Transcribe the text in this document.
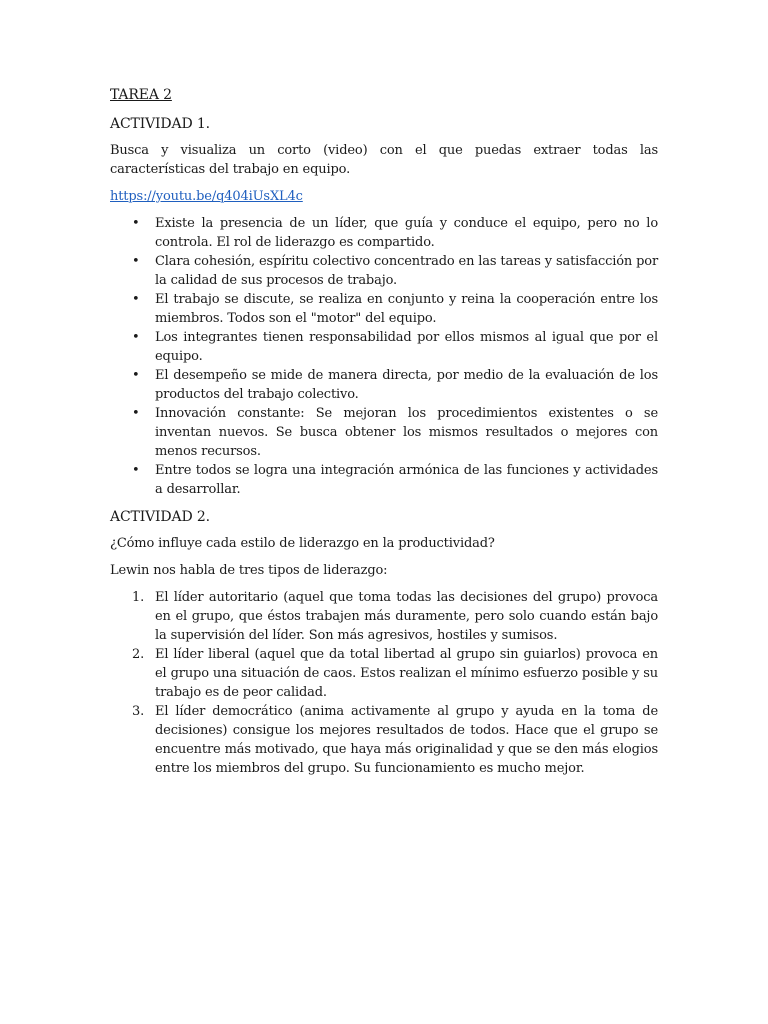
TAREA 2

ACTIVIDAD 1.

Busca y visualiza un corto (video) con el que puedas extraer todas las características del trabajo en equipo.

https://youtu.be/q404iUsXL4c
• Existe la presencia de un líder, que guía y conduce el equipo, pero no lo controla. El rol de liderazgo es compartido.
• Clara cohesión, espíritu colectivo concentrado en las tareas y satisfacción por la calidad de sus procesos de trabajo.
• El trabajo se discute, se realiza en conjunto y reina la cooperación entre los miembros. Todos son el "motor" del equipo.
• Los integrantes tienen responsabilidad por ellos mismos al igual que por el equipo.
• El desempeño se mide de manera directa, por medio de la evaluación de los productos del trabajo colectivo.
• Innovación constante: Se mejoran los procedimientos existentes o se inventan nuevos. Se busca obtener los mismos resultados o mejores con menos recursos.
• Entre todos se logra una integración armónica de las funciones y actividades a desarrollar.

ACTIVIDAD 2.

¿Cómo influye cada estilo de liderazgo en la productividad?

Lewin nos habla de tres tipos de liderazgo:

1. El líder autoritario (aquel que toma todas las decisiones del grupo) provoca en el grupo, que éstos trabajen más duramente, pero solo cuando están bajo la supervisión del líder. Son más agresivos, hostiles y sumisos.
2. El líder liberal (aquel que da total libertad al grupo sin guiarlos) provoca en el grupo una situación de caos. Estos realizan el mínimo esfuerzo posible y su trabajo es de peor calidad.
3. El líder democrático (anima activamente al grupo y ayuda en la toma de decisiones) consigue los mejores resultados de todos. Hace que el grupo se encuentre más motivado, que haya más originalidad y que se den más elogios entre los miembros del grupo. Su funcionamiento es mucho mejor.
